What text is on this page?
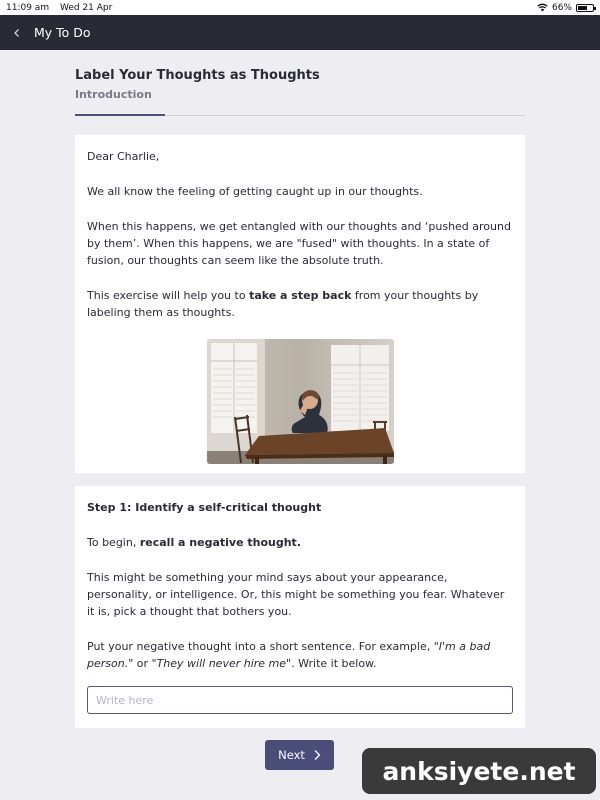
11:09 am Wed 21 Apr	66%
My To Do
Label Your Thoughts as Thoughts
Introduction

Dear Charlie,

We all know the feeling of getting caught up in our thoughts.

When this happens, we get entangled with our thoughts and ‘pushed around by them’. When this happens, we are "fused" with thoughts. In a state of fusion, our thoughts can seem like the absolute truth.

This exercise will help you to take a step back from your thoughts by labeling them as thoughts.

Step 1: Identify a self-critical thought

To begin, recall a negative thought.

This might be something your mind says about your appearance, personality, or intelligence. Or, this might be something you fear. Whatever it is, pick a thought that bothers you.

Put your negative thought into a short sentence. For example, "I'm a bad person." or "They will never hire me". Write it below.

Write here
Next
anksiyete.net
